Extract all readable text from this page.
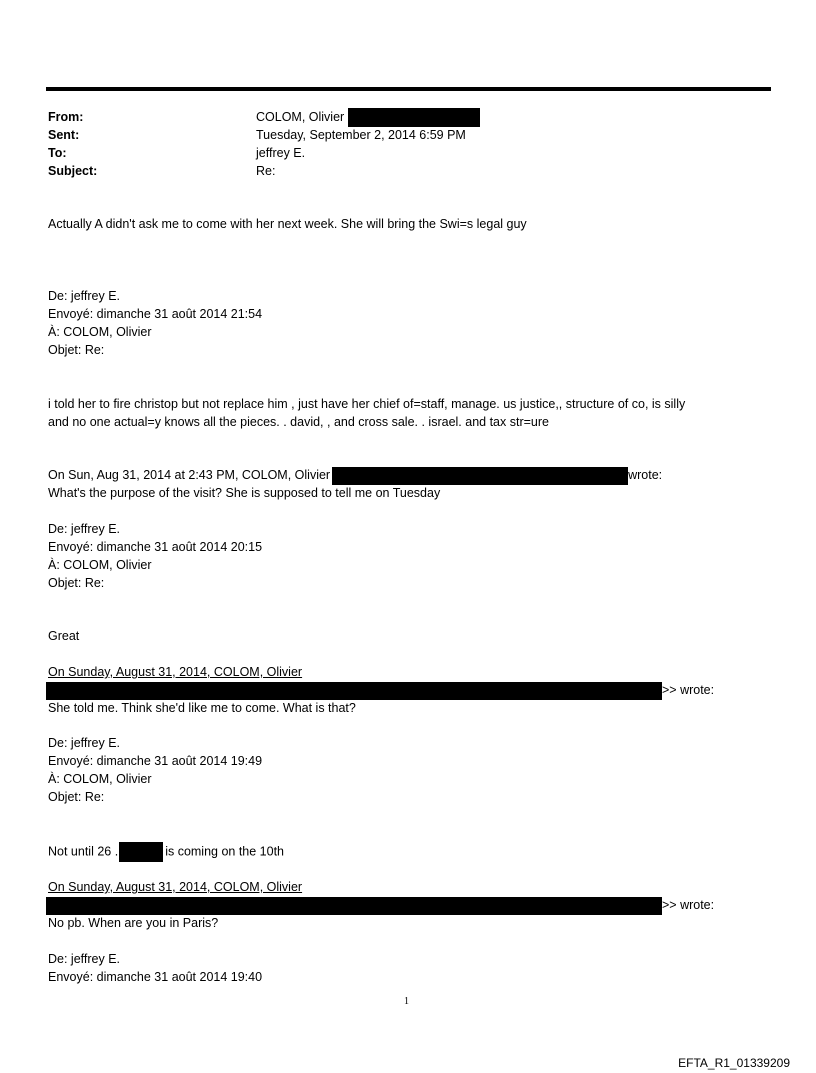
From:	COLOM, Olivier
Sent:	Tuesday, September 2, 2014 6:59 PM
To:	jeffrey E.
Subject:	Re:
Actually A didn't ask me to come with her next week. She will bring the Swi=s legal guy
De: jeffrey E.
Envoyé: dimanche 31 août 2014 21:54
À: COLOM, Olivier
Objet: Re:
i told her to fire christop but not replace him , just have her chief of=staff, manage. us justice,, structure of co, is silly
and no one actual=y knows all the pieces. . david, , and cross sale. . israel. and tax str=ure
On Sun, Aug 31, 2014 at 2:43 PM, COLOM, Olivier	wrote:
What's the purpose of the visit? She is supposed to tell me on Tuesday
De: jeffrey E.
Envoyé: dimanche 31 août 2014 20:15
À: COLOM, Olivier
Objet: Re:
Great
On Sunday, August 31, 2014, COLOM, Olivier
>> wrote:
She told me. Think she'd like me to come. What is that?
De: jeffrey E.
Envoyé: dimanche 31 août 2014 19:49
À: COLOM, Olivier
Objet: Re:
Not until 26 .	is coming on the 10th
On Sunday, August 31, 2014, COLOM, Olivier
>> wrote:
No pb. When are you in Paris?
De: jeffrey E.
Envoyé: dimanche 31 août 2014 19:40
1
EFTA_R1_01339209
